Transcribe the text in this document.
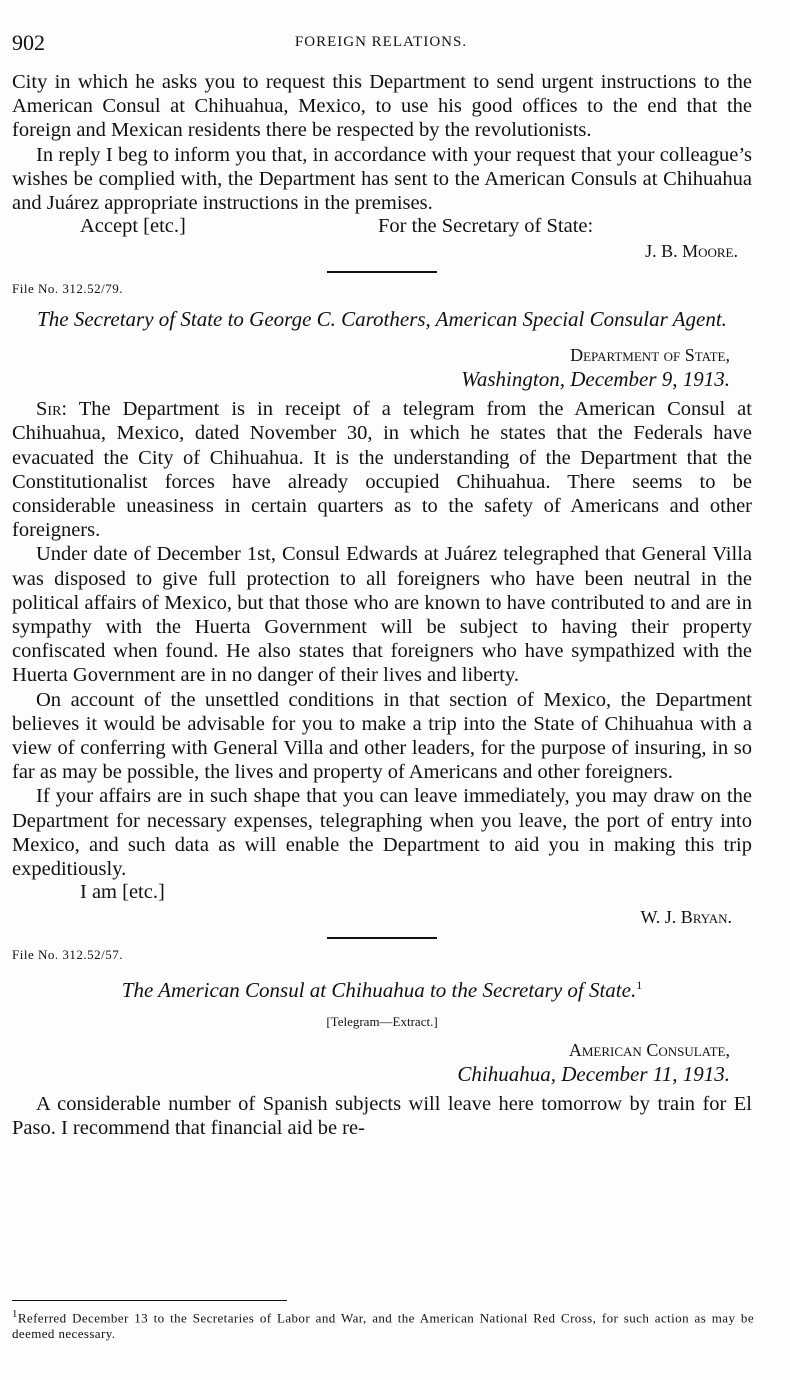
902	FOREIGN RELATIONS.

City in which he asks you to request this Department to send urgent instructions to the American Consul at Chihuahua, Mexico, to use his good offices to the end that the foreign and Mexican residents there be respected by the revolutionists.

In reply I beg to inform you that, in accordance with your request that your colleague’s wishes be complied with, the Department has sent to the American Consuls at Chihuahua and Juárez appropriate instructions in the premises.

Accept [etc.]	For the Secretary of State:
J. B. Moore.
File No. 312.52/79.
The Secretary of State to George C. Carothers, American Special Consular Agent.
Department of State,
Washington, December 9, 1913.

Sir: The Department is in receipt of a telegram from the American Consul at Chihuahua, Mexico, dated November 30, in which he states that the Federals have evacuated the City of Chihuahua. It is the understanding of the Department that the Constitutionalist forces have already occupied Chihuahua. There seems to be considerable uneasiness in certain quarters as to the safety of Americans and other foreigners.

Under date of December 1st, Consul Edwards at Juárez telegraphed that General Villa was disposed to give full protection to all foreigners who have been neutral in the political affairs of Mexico, but that those who are known to have contributed to and are in sympathy with the Huerta Government will be subject to having their property confiscated when found. He also states that foreigners who have sympathized with the Huerta Government are in no danger of their lives and liberty.

On account of the unsettled conditions in that section of Mexico, the Department believes it would be advisable for you to make a trip into the State of Chihuahua with a view of conferring with General Villa and other leaders, for the purpose of insuring, in so far as may be possible, the lives and property of Americans and other foreigners.

If your affairs are in such shape that you can leave immediately, you may draw on the Department for necessary expenses, telegraphing when you leave, the port of entry into Mexico, and such data as will enable the Department to aid you in making this trip expeditiously.

I am [etc.]
W. J. Bryan.
File No. 312.52/57.
The American Consul at Chihuahua to the Secretary of State.$^1$
[Telegram—Extract.]
American Consulate,
Chihuahua, December 11, 1913.

A considerable number of Spanish subjects will leave here tomorrow by train for El Paso. I recommend that financial aid be re-

$^1$Referred December 13 to the Secretaries of Labor and War, and the American National Red Cross, for such action as may be deemed necessary.
